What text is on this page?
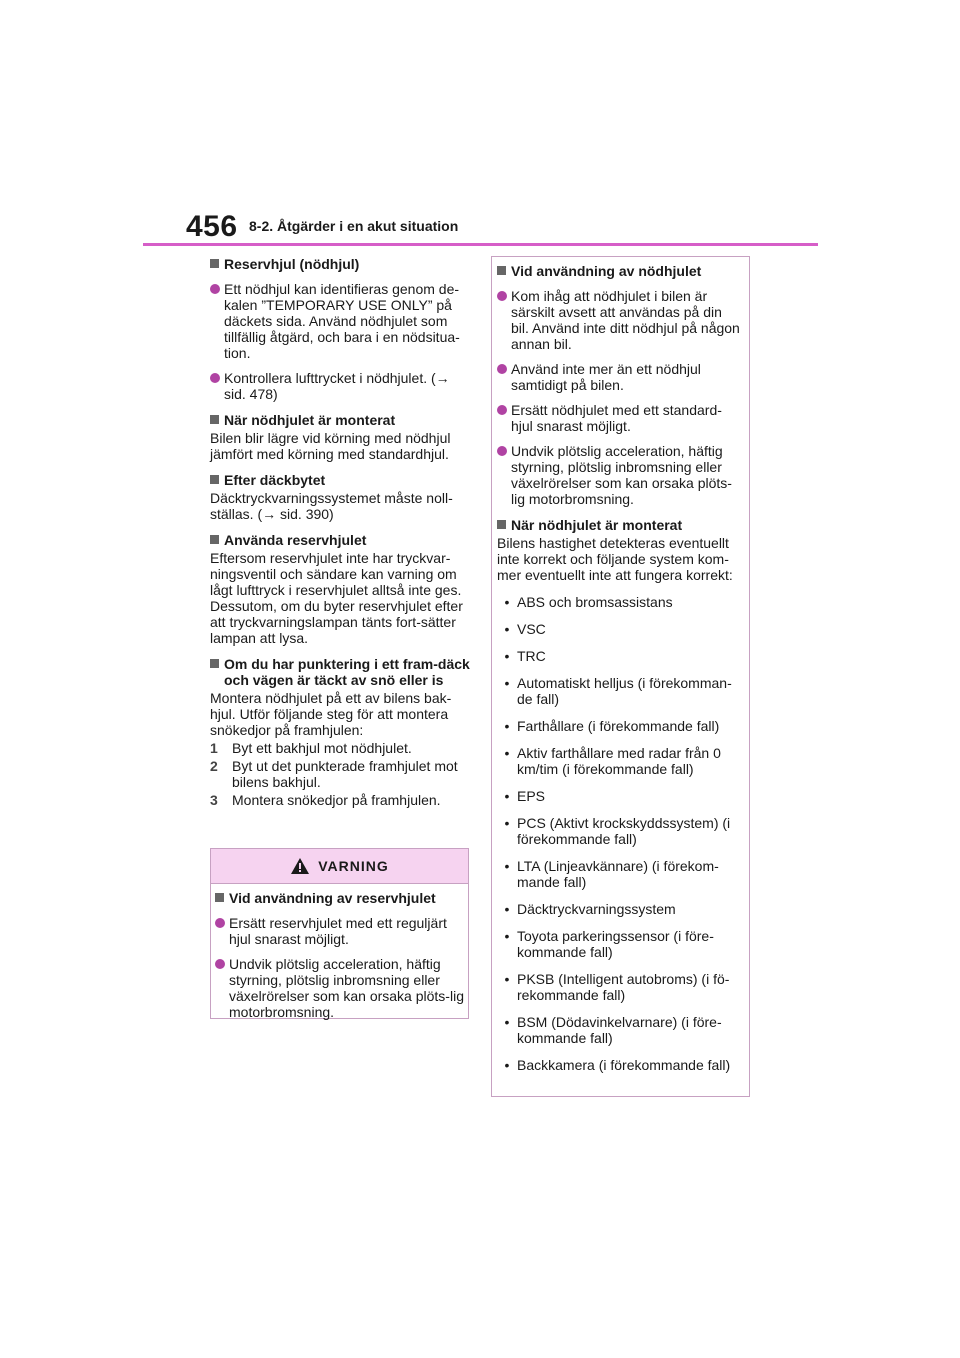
456 8-2. Åtgärder i en akut situation
Reservhjul (nödhjul)
Ett nödhjul kan identifieras genom de-kalen ”TEMPORARY USE ONLY” på däckets sida. Använd nödhjulet som tillfällig åtgärd, och bara i en nödsitua-tion.
Kontrollera lufttrycket i nödhjulet. (→ sid. 478)
När nödhjulet är monterat
Bilen blir lägre vid körning med nödhjul jämfört med körning med standardhjul.
Efter däckbytet
Däcktryckvarningssystemet måste noll-ställas. (→ sid. 390)
Använda reservhjulet
Eftersom reservhjulet inte har tryckvar-ningsventil och sändare kan varning om lågt lufttryck i reservhjulet alltså inte ges. Dessutom, om du byter reservhjulet efter att tryckvarningslampan tänts fort-sätter lampan att lysa.
Om du har punktering i ett fram-däck och vägen är täckt av snö eller is
Montera nödhjulet på ett av bilens bak-hjul. Utför följande steg för att montera snökedjor på framhjulen:
1	Byt ett bakhjul mot nödhjulet.
2	Byt ut det punkterade framhjulet mot bilens bakhjul.
3	Montera snökedjor på framhjulen.
VARNING
Vid användning av reservhjulet
Ersätt reservhjulet med ett reguljärt hjul snarast möjligt.
Undvik plötslig acceleration, häftig styrning, plötslig inbromsning eller växelrörelser som kan orsaka plöts-lig motorbromsning.
Vid användning av nödhjulet
Kom ihåg att nödhjulet i bilen är särskilt avsett att användas på din bil. Använd inte ditt nödhjul på någon annan bil.
Använd inte mer än ett nödhjul samtidigt på bilen.
Ersätt nödhjulet med ett standard-hjul snarast möjligt.
Undvik plötslig acceleration, häftig styrning, plötslig inbromsning eller växelrörelser som kan orsaka plöts-lig motorbromsning.
När nödhjulet är monterat
Bilens hastighet detekteras eventuellt inte korrekt och följande system kom-mer eventuellt inte att fungera korrekt:
• ABS och bromsassistans
• VSC
• TRC
• Automatiskt helljus (i förekomman-de fall)
• Farthållare (i förekommande fall)
• Aktiv farthållare med radar från 0 km/tim (i förekommande fall)
• EPS
• PCS (Aktivt krockskyddssystem) (i förekommande fall)
• LTA (Linjeavkännare) (i förekom-mande fall)
• Däcktryckvarningssystem
• Toyota parkeringssensor (i före-kommande fall)
• PKSB (Intelligent autobroms) (i fö-rekommande fall)
• BSM (Dödavinkelvarnare) (i före-kommande fall)
• Backkamera (i förekommande fall)
